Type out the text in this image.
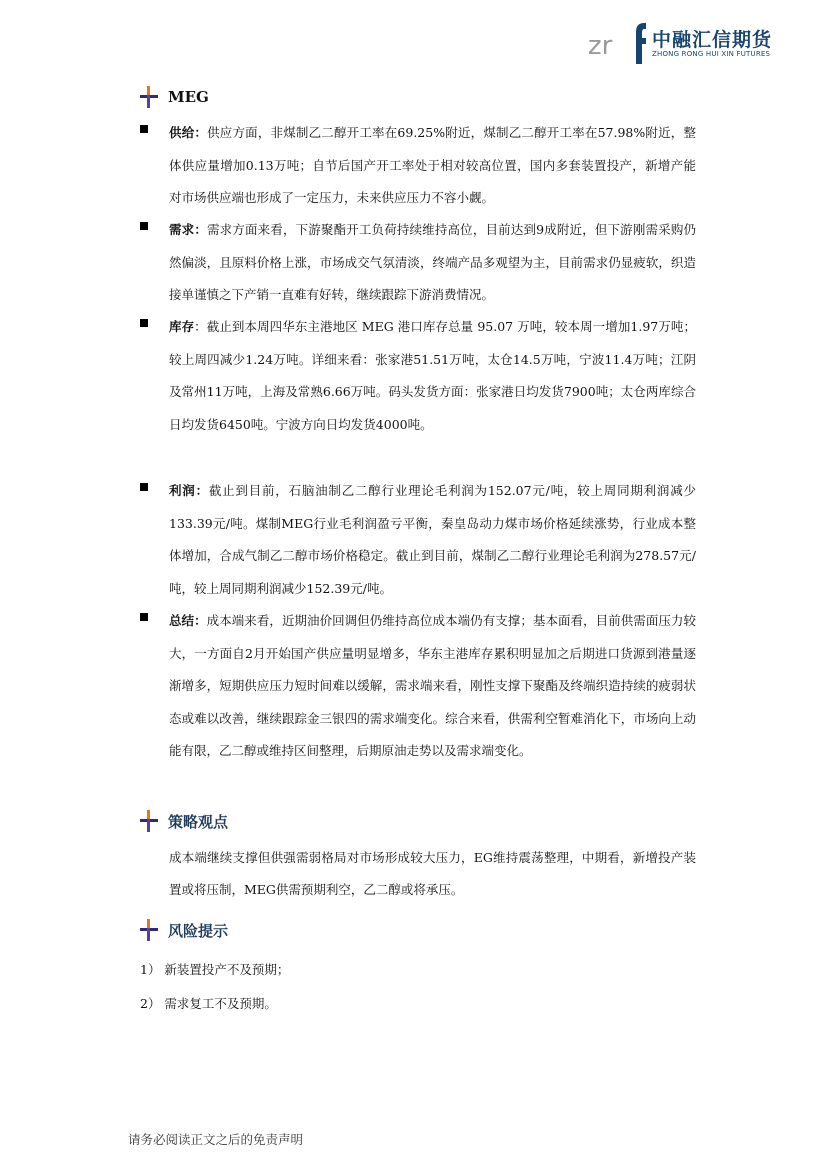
zr 中融汇信期货
ZHONG RONG HUI XIN FUTURES
MEG
供给：供应方面，非煤制乙二醇开工率在69.25%附近，煤制乙二醇开工率在57.98%附近，整体供应量增加0.13万吨；自节后国产开工率处于相对较高位置，国内多套装置投产，新增产能对市场供应端也形成了一定压力，未来供应压力不容小觑。
需求：需求方面来看，下游聚酯开工负荷持续维持高位，目前达到9成附近，但下游刚需采购仍然偏淡，且原料价格上涨，市场成交气氛清淡，终端产品多观望为主，目前需求仍显疲软，织造接单谨慎之下产销一直难有好转，继续跟踪下游消费情况。
库存：截止到本周四华东主港地区 MEG 港口库存总量 95.07 万吨，较本周一增加1.97万吨；较上周四减少1.24万吨。详细来看：张家港51.51万吨，太仓14.5万吨，宁波11.4万吨；江阴及常州11万吨，上海及常熟6.66万吨。码头发货方面：张家港日均发货7900吨；太仓两库综合日均发货6450吨。宁波方向日均发货4000吨。
利润：截止到目前，石脑油制乙二醇行业理论毛利润为152.07元/吨，较上周同期利润减少133.39元/吨。煤制MEG行业毛利润盈亏平衡，秦皇岛动力煤市场价格延续涨势，行业成本整体增加，合成气制乙二醇市场价格稳定。截止到目前，煤制乙二醇行业理论毛利润为278.57元/吨，较上周同期利润减少152.39元/吨。
总结：成本端来看，近期油价回调但仍维持高位成本端仍有支撑；基本面看，目前供需面压力较大，一方面自2月开始国产供应量明显增多，华东主港库存累积明显加之后期进口货源到港量逐渐增多，短期供应压力短时间难以缓解，需求端来看，刚性支撑下聚酯及终端织造持续的疲弱状态或难以改善，继续跟踪金三银四的需求端变化。综合来看，供需利空暂难消化下，市场向上动能有限，乙二醇或维持区间整理，后期原油走势以及需求端变化。
策略观点
成本端继续支撑但供强需弱格局对市场形成较大压力，EG维持震荡整理，中期看，新增投产装置或将压制，MEG供需预期利空，乙二醇或将承压。
风险提示
1） 新装置投产不及预期；
2） 需求复工不及预期。
请务必阅读正文之后的免责声明
